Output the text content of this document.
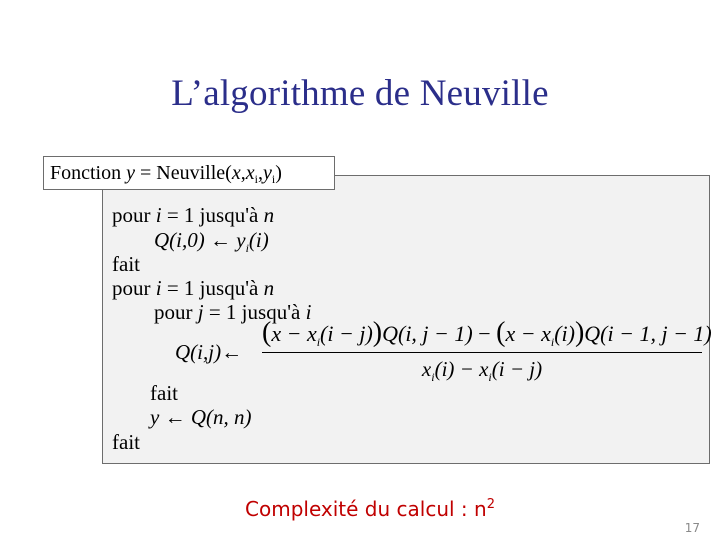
L’algorithme de Neuville
Fonction $y = Neuville(x,x_i,y_i)$
pour i = 1 jusqu'à n
Q(i,0) ← $y_i(i)$
fait
pour i = 1 jusqu'à n
pour j = 1 jusqu'à i
Q(i,j)←
$(x - x_i(i - j))Q(i$, $j - 1) - (x - x_i(i))Q(i - 1$, j − 1)
$x_i(i) - x_i(i - j)$
fait
y ← Q(n, n)
fait
Complexité du calcul : $n^2$
17
